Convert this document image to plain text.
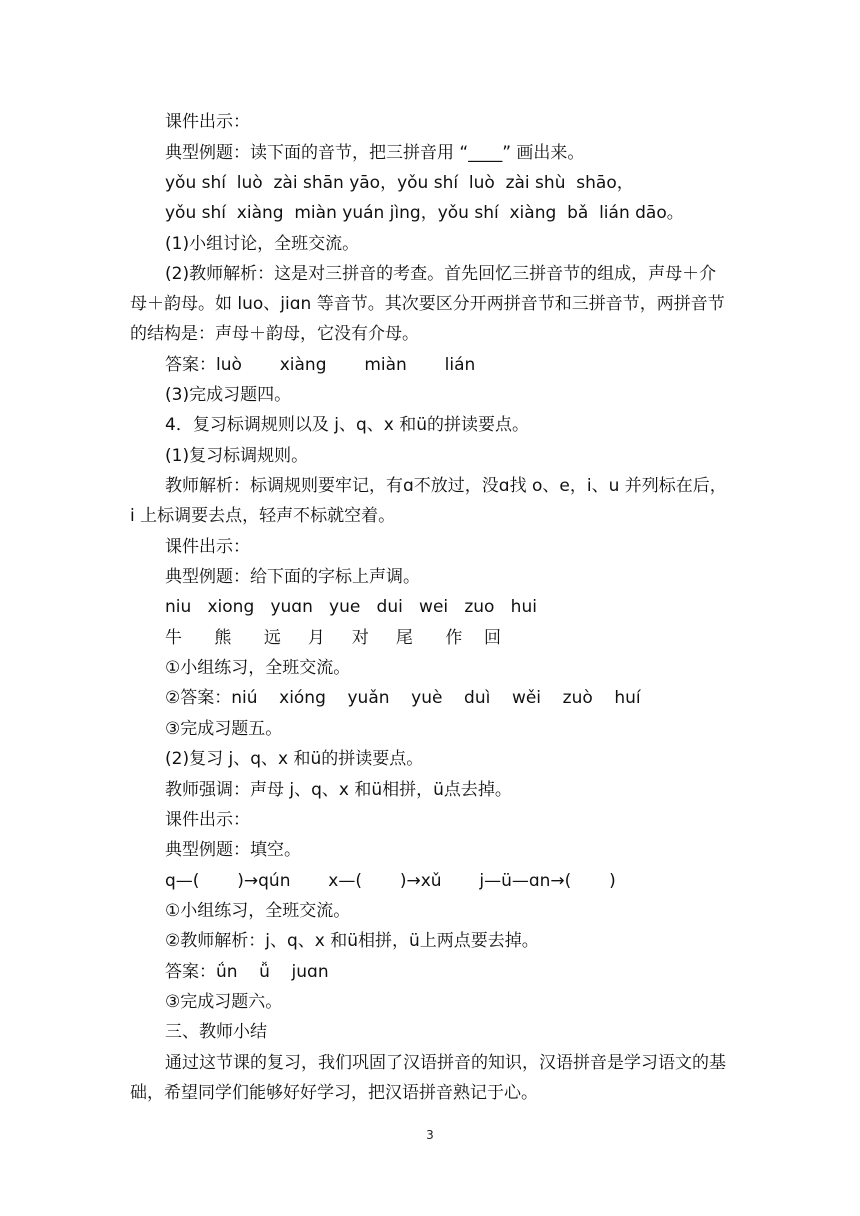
课件出示：
典型例题：读下面的音节，把三拼音用 “____” 画出来。
yǒu shí  luò  zài shān yāo，yǒu shí  luò  zài shù  shāo，
yǒu shí  xiàng  miàn yuán jìng，yǒu shí  xiàng  bǎ  lián dāo。
(1)小组讨论，全班交流。
(2)教师解析：这是对三拼音的考查。首先回忆三拼音节的组成，声母＋介
母＋韵母。如 luo、jiɑn 等音节。其次要区分开两拼音节和三拼音节，两拼音节
的结构是：声母＋韵母，它没有介母。
答案：luò       xiàng       miàn       lián
(3)完成习题四。
4．复习标调规则以及 j、q、x 和ü的拼读要点。
(1)复习标调规则。
教师解析：标调规则要牢记，有ɑ不放过，没ɑ找 o、e，i、u 并列标在后，
i 上标调要去点，轻声不标就空着。
课件出示：
典型例题：给下面的字标上声调。
niu   xiong   yuɑn   yue   dui   wei   zuo   hui
牛      熊      远     月     对     尾      作    回
①小组练习，全班交流。
②答案：niú    xióng    yuǎn    yuè    duì    wěi    zuò    huí
③完成习题五。
(2)复习 j、q、x 和ü的拼读要点。
教师强调：声母 j、q、x 和ü相拼，ü点去掉。
课件出示：
典型例题：填空。
q—(       )→qún       x—(       )→xǔ       j—ü—ɑn→(       )
①小组练习，全班交流。
②教师解析：j、q、x 和ü相拼，ü上两点要去掉。
答案：ǘn    ǚ    juɑn
③完成习题六。
三、教师小结
通过这节课的复习，我们巩固了汉语拼音的知识，汉语拼音是学习语文的基
础，希望同学们能够好好学习，把汉语拼音熟记于心。
3
